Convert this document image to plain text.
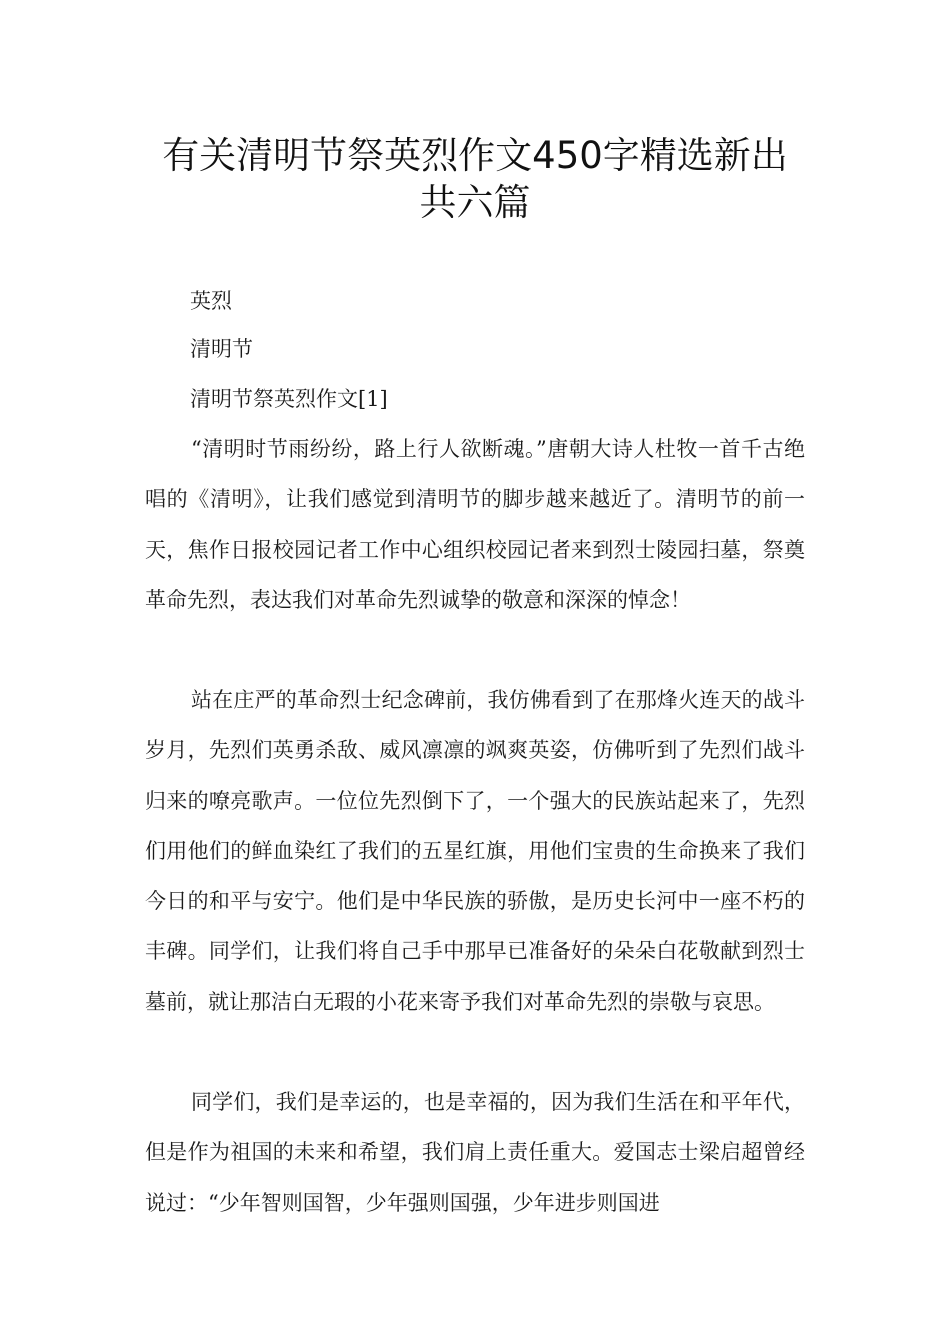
有关清明节祭英烈作文450字精选新出
共六篇
英烈
清明节
清明节祭英烈作文[1]

“清明时节雨纷纷，路上行人欲断魂。”唐朝大诗人杜牧一首千古绝唱的《清明》，让我们感觉到清明节的脚步越来越近了。清明节的前一天，焦作日报校园记者工作中心组织校园记者来到烈士陵园扫墓，祭奠革命先烈，表达我们对革命先烈诚挚的敬意和深深的悼念！

站在庄严的革命烈士纪念碑前，我仿佛看到了在那烽火连天的战斗岁月，先烈们英勇杀敌、威风凛凛的飒爽英姿，仿佛听到了先烈们战斗归来的嘹亮歌声。一位位先烈倒下了，一个强大的民族站起来了，先烈们用他们的鲜血染红了我们的五星红旗，用他们宝贵的生命换来了我们今日的和平与安宁。他们是中华民族的骄傲，是历史长河中一座不朽的丰碑。同学们，让我们将自己手中那早已准备好的朵朵白花敬献到烈士墓前，就让那洁白无瑕的小花来寄予我们对革命先烈的崇敬与哀思。

同学们，我们是幸运的，也是幸福的，因为我们生活在和平年代，但是作为祖国的未来和希望，我们肩上责任重大。爱国志士梁启超曾经说过：“少年智则国智，少年强则国强，少年进步则国进
